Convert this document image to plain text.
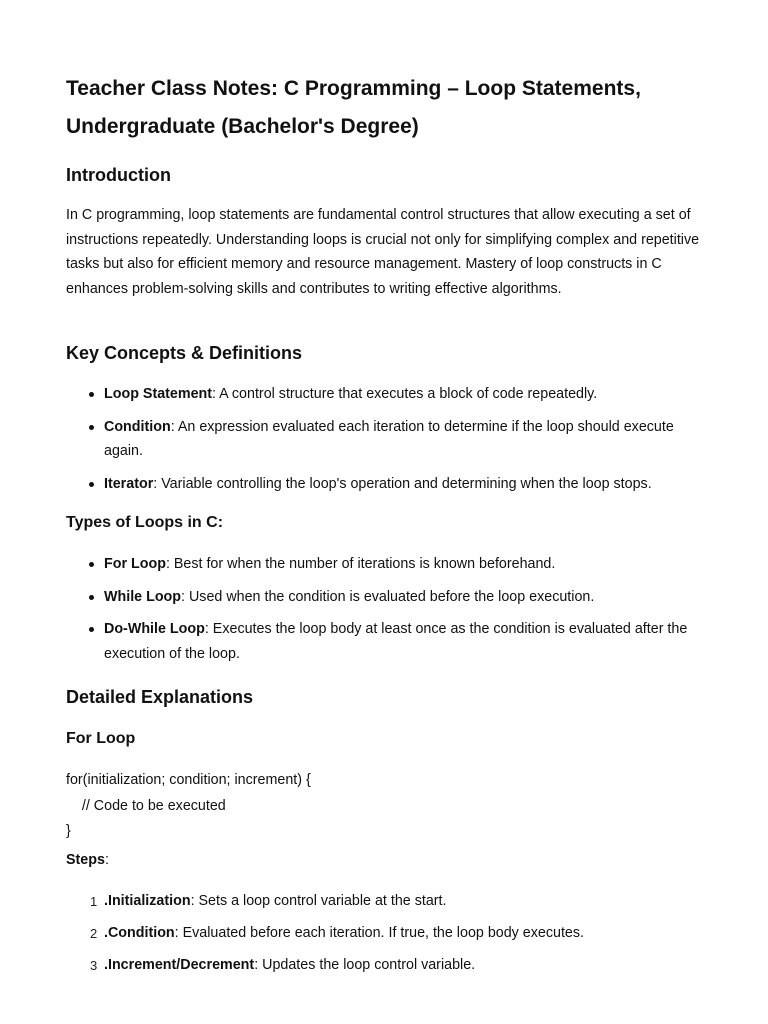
Teacher Class Notes: C Programming – Loop Statements, Undergraduate (Bachelor's Degree)
Introduction

In C programming, loop statements are fundamental control structures that allow executing a set of instructions repeatedly. Understanding loops is crucial not only for simplifying complex and repetitive tasks but also for efficient memory and resource management. Mastery of loop constructs in C enhances problem-solving skills and contributes to writing effective algorithms.

Key Concepts & Definitions
Loop Statement: A control structure that executes a block of code repeatedly.
Condition: An expression evaluated each iteration to determine if the loop should execute again.
Iterator: Variable controlling the loop's operation and determining when the loop stops.
Types of Loops in C:
For Loop: Best for when the number of iterations is known beforehand.
While Loop: Used when the condition is evaluated before the loop execution.
Do-While Loop: Executes the loop body at least once as the condition is evaluated after the execution of the loop.
Detailed Explanations
For Loop
for(initialization; condition; increment) {
// Code to be executed
}
Steps:
1 .Initialization: Sets a loop control variable at the start.
2 .Condition: Evaluated before each iteration. If true, the loop body executes.
3 .Increment/Decrement: Updates the loop control variable.
